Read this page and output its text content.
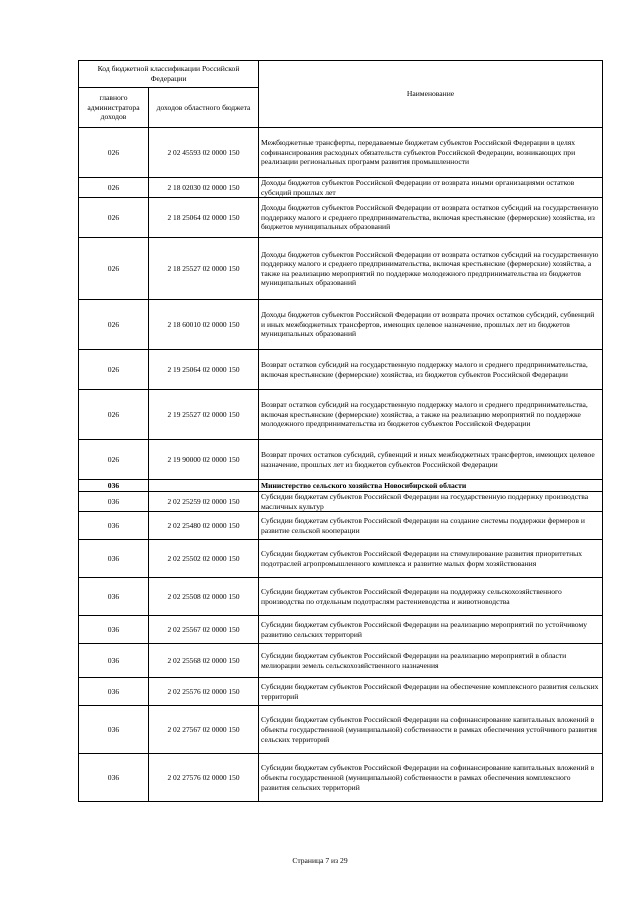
Код бюджетной классификации Российской Федерации		Наименование
главного администратора доходов	доходов областного бюджета	
026	2 02 45593 02 0000 150	Межбюджетные трансферты, передаваемые бюджетам субъектов Российской Федерации в целях софинансирования расходных обязательств субъектов Российской Федерации, возникающих при реализации региональных программ развития промышленности
026	2 18 02030 02 0000 150	Доходы бюджетов субъектов Российской Федерации от возврата иными организациями остатков субсидий прошлых лет
026	2 18 25064 02 0000 150	Доходы бюджетов субъектов Российской Федерации от возврата остатков субсидий на государственную поддержку малого и среднего предпринимательства, включая крестьянские (фермерские) хозяйства, из бюджетов муниципальных образований
026	2 18 25527 02 0000 150	Доходы бюджетов субъектов Российской Федерации от возврата остатков субсидий на государственную поддержку малого и среднего предпринимательства, включая крестьянские (фермерские) хозяйства, а также на реализацию мероприятий по поддержке молодежного предпринимательства из бюджетов муниципальных образований
026	2 18 60010 02 0000 150	Доходы бюджетов субъектов Российской Федерации от возврата прочих остатков субсидий, субвенций и иных межбюджетных трансфертов, имеющих целевое назначение, прошлых лет из бюджетов муниципальных образований
026	2 19 25064 02 0000 150	Возврат остатков субсидий на государственную поддержку малого и среднего предпринимательства, включая крестьянские (фермерские) хозяйства, из бюджетов субъектов Российской Федерации
026	2 19 25527 02 0000 150	Возврат остатков субсидий на государственную поддержку малого и среднего предпринимательства, включая крестьянские (фермерские) хозяйства, а также на реализацию мероприятий по поддержке молодежного предпринимательства из бюджетов субъектов Российской Федерации
026	2 19 90000 02 0000 150	Возврат прочих остатков субсидий, субвенций и иных межбюджетных трансфертов, имеющих целевое назначение, прошлых лет из бюджетов субъектов Российской Федерации
036		Министерство сельского хозяйства Новосибирской области
036	2 02 25259 02 0000 150	Субсидии бюджетам субъектов Российской Федерации на государственную поддержку производства масличных культур
036	2 02 25480 02 0000 150	Субсидии бюджетам субъектов Российской Федерации на создание системы поддержки фермеров и развитие сельской кооперации
036	2 02 25502 02 0000 150	Субсидии бюджетам субъектов Российской Федерации на стимулирование развития приоритетных подотраслей агропромышленного комплекса и развитие малых форм хозяйствования
036	2 02 25508 02 0000 150	Субсидии бюджетам субъектов Российской Федерации на поддержку сельскохозяйственного производства по отдельным подотраслям растениеводства и животноводства
036	2 02 25567 02 0000 150	Субсидии бюджетам субъектов Российской Федерации на реализацию мероприятий по устойчивому развитию сельских территорий
036	2 02 25568 02 0000 150	Субсидии бюджетам субъектов Российской Федерации на реализацию мероприятий в области мелиорации земель сельскохозяйственного назначения
036	2 02 25576 02 0000 150	Субсидии бюджетам субъектов Российской Федерации на обеспечение комплексного развития сельских территорий
036	2 02 27567 02 0000 150	Субсидии бюджетам субъектов Российской Федерации на софинансирование капитальных вложений в объекты государственной (муниципальной) собственности в рамках обеспечения устойчивого развития сельских территорий
036	2 02 27576 02 0000 150	Субсидии бюджетам субъектов Российской Федерации на софинансирование капитальных вложений в объекты государственной (муниципальной) собственности в рамках обеспечения комплексного развития сельских территорий
Страница 7 из 29
